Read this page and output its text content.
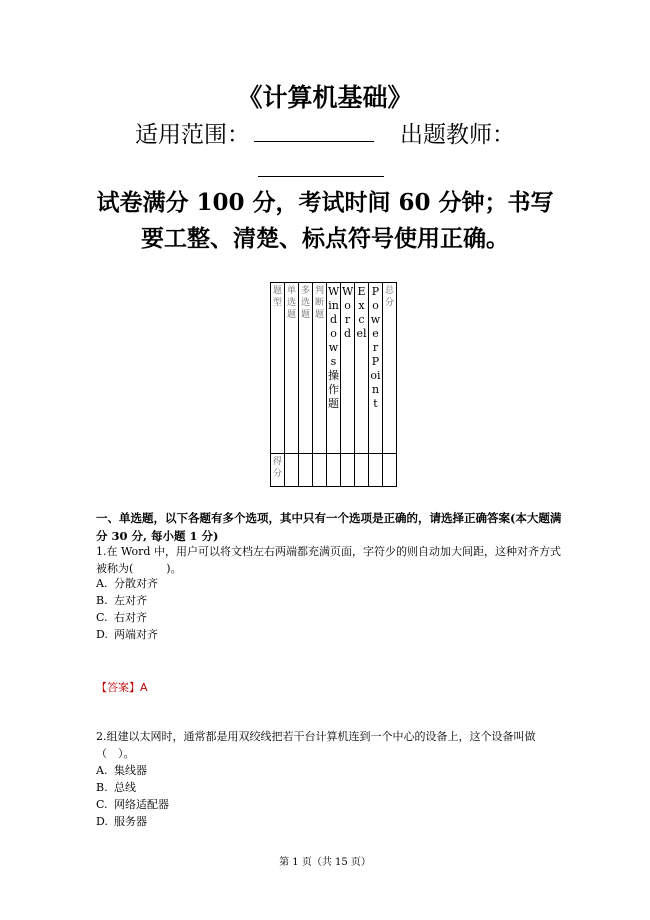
《计算机基础》
适用范围：	出题教师：
试卷满分 100 分，考试时间 60 分钟；书写
要工整、清楚、标点符号使用正确。
题型	单选题	多选题	判断题	Windows操作题	Word	Excel	PowerPoint	总分

得分								

一、单选题，以下各题有多个选项，其中只有一个选项是正确的，请选择正确答案(本大题满分 30 分, 每小题 1 分)
1.在 Word 中，用户可以将文档左右两端都充满页面，字符少的则自动加大间距，这种对齐方式被称为(　　　)。
A. 分散对齐
B. 左对齐
C. 右对齐
D. 两端对齐
【答案】A
2.组建以太网时，通常都是用双绞线把若干台计算机连到一个中心的设备上，这个设备叫做（　）。
A. 集线器
B. 总线
C. 网络适配器
D. 服务器
第 1 页（共 15 页）
